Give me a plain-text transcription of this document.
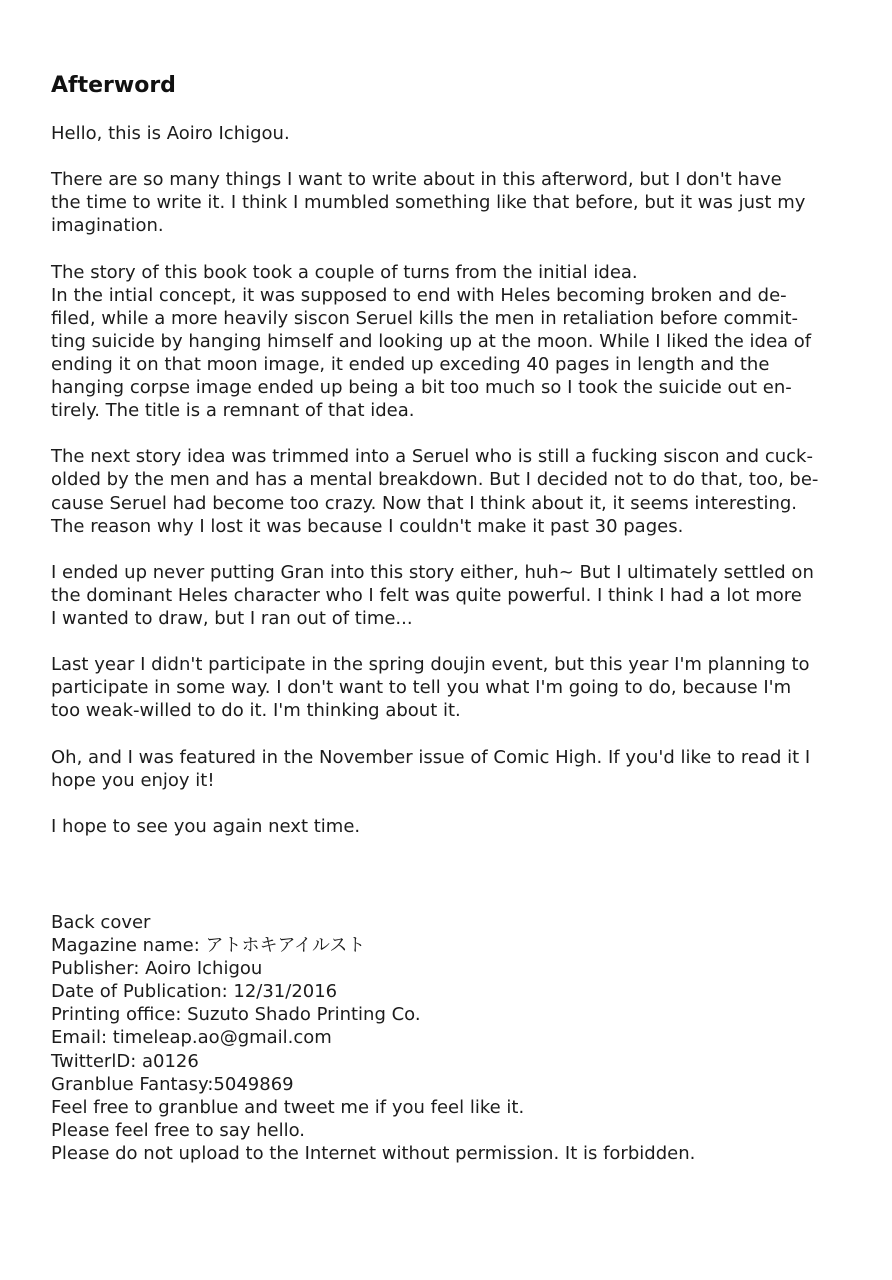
Afterword

Hello, this is Aoiro Ichigou.

There are so many things I want to write about in this afterword, but I don't have
the time to write it. I think I mumbled something like that before, but it was just my
imagination.

The story of this book took a couple of turns from the initial idea.
In the intial concept, it was supposed to end with Heles becoming broken and de-
filed, while a more heavily siscon Seruel kills the men in retaliation before commit-
ting suicide by hanging himself and looking up at the moon. While I liked the idea of
ending it on that moon image, it ended up exceding 40 pages in length and the
hanging corpse image ended up being a bit too much so I took the suicide out en-
tirely. The title is a remnant of that idea.

The next story idea was trimmed into a Seruel who is still a fucking siscon and cuck-
olded by the men and has a mental breakdown. But I decided not to do that, too, be-
cause Seruel had become too crazy. Now that I think about it, it seems interesting.
The reason why I lost it was because I couldn't make it past 30 pages.

I ended up never putting Gran into this story either, huh~ But I ultimately settled on
the dominant Heles character who I felt was quite powerful. I think I had a lot more
I wanted to draw, but I ran out of time...

Last year I didn't participate in the spring doujin event, but this year I'm planning to
participate in some way. I don't want to tell you what I'm going to do, because I'm
too weak-willed to do it. I'm thinking about it.

Oh, and I was featured in the November issue of Comic High. If you'd like to read it I
hope you enjoy it!

I hope to see you again next time.

Back cover
Magazine name: アトホキアイルスト
Publisher: Aoiro Ichigou
Date of Publication: 12/31/2016
Printing office: Suzuto Shado Printing Co.
Email: timeleap.ao@gmail.com
TwitterlD: a0126
Granblue Fantasy:5049869
Feel free to granblue and tweet me if you feel like it.
Please feel free to say hello.
Please do not upload to the Internet without permission. It is forbidden.
